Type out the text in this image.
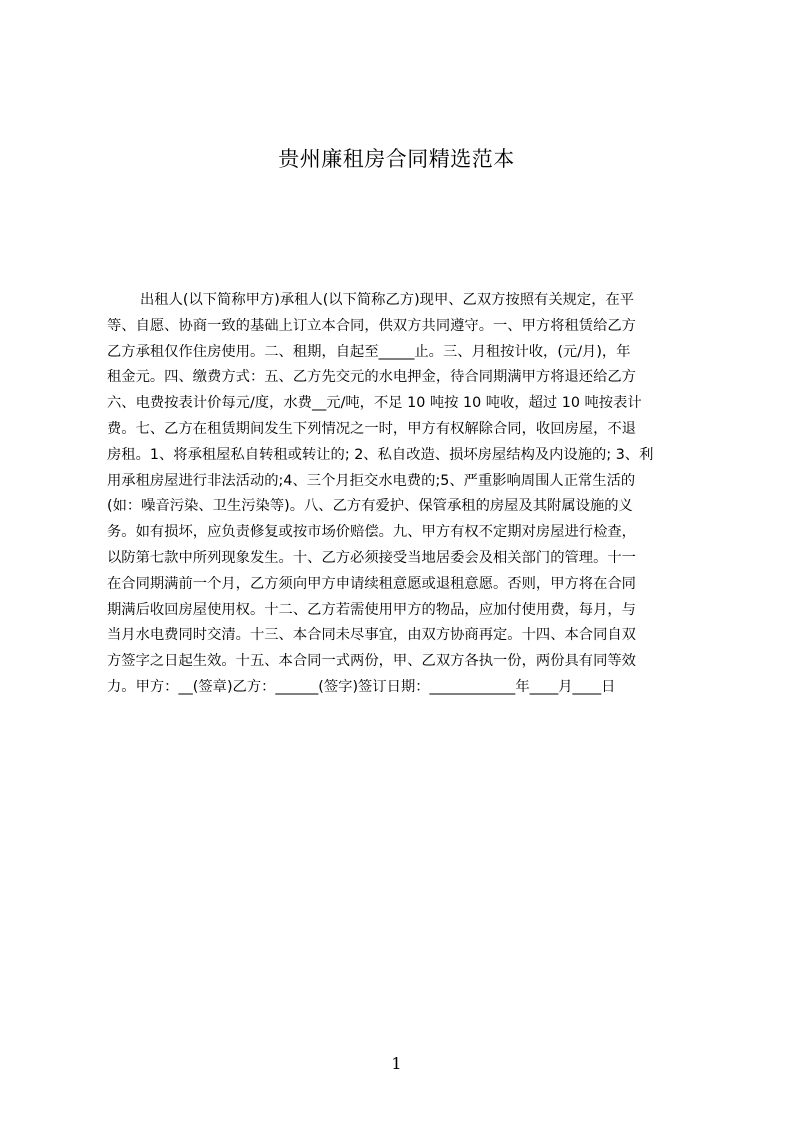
贵州廉租房合同精选范本
出租人(以下简称甲方)承租人(以下简称乙方)现甲、乙双方按照有关规定，在平
等、自愿、协商一致的基础上订立本合同，供双方共同遵守。一、甲方将租赁给乙方
乙方承租仅作住房使用。二、租期，自起至_____止。三、月租按计收，(元/月)，年
租金元。四、缴费方式：五、乙方先交元的水电押金，待合同期满甲方将退还给乙方
六、电费按表计价每元/度，水费__元/吨，不足 10 吨按 10 吨收，超过 10 吨按表计
费。七、乙方在租赁期间发生下列情况之一时，甲方有权解除合同，收回房屋，不退
房租。1、将承租屋私自转租或转让的; 2、私自改造、损坏房屋结构及内设施的; 3、利
用承租房屋进行非法活动的;4、三个月拒交水电费的;5、严重影响周围人正常生活的
(如：噪音污染、卫生污染等)。八、乙方有爱护、保管承租的房屋及其附属设施的义
务。如有损坏，应负责修复或按市场价赔偿。九、甲方有权不定期对房屋进行检查，
以防第七款中所列现象发生。十、乙方必须接受当地居委会及相关部门的管理。十一
在合同期满前一个月，乙方须向甲方申请续租意愿或退租意愿。否则，甲方将在合同
期满后收回房屋使用权。十二、乙方若需使用甲方的物品，应加付使用费，每月，与
当月水电费同时交清。十三、本合同未尽事宜，由双方协商再定。十四、本合同自双
方签字之日起生效。十五、本合同一式两份，甲、乙双方各执一份，两份具有同等效
力。甲方：__(签章)乙方：______(签字)签订日期：____________年____月____日
1
